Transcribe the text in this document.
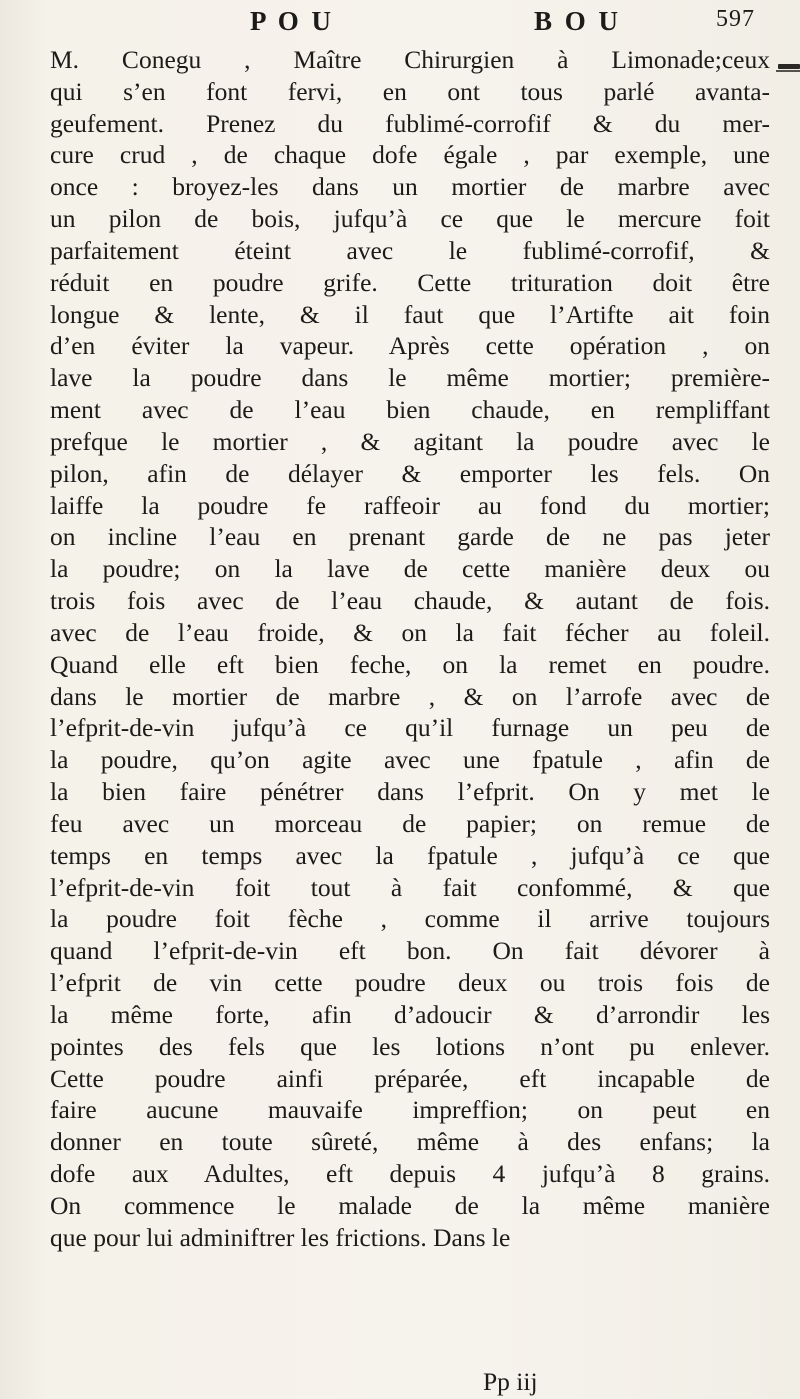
P O U	B O U	597
M. Conegu , Maître Chirurgien à Limonade;ceux
qui s’en font fervi, en ont tous parlé avanta-
geufement. Prenez du fublimé-corrofif & du mer-
cure crud , de chaque dofe égale , par exemple, une
once : broyez-les dans un mortier de marbre avec
un pilon de bois, jufqu’à ce que le mercure foit
parfaitement éteint avec le fublimé-corrofif, &
réduit en poudre grife. Cette trituration doit être
longue & lente, & il faut que l’Artifte ait foin
d’en éviter la vapeur. Après cette opération , on
lave la poudre dans le même mortier; première-
ment avec de l’eau bien chaude, en rempliffant
prefque le mortier , & agitant la poudre avec le
pilon, afin de délayer & emporter les fels. On
laiffe la poudre fe raffeoir au fond du mortier;
on incline l’eau en prenant garde de ne pas jeter
la poudre; on la lave de cette manière deux ou
trois fois avec de l’eau chaude, & autant de fois.
avec de l’eau froide, & on la fait fécher au foleil.
Quand elle eft bien feche, on la remet en poudre.
dans le mortier de marbre , & on l’arrofe avec de
l’efprit-de-vin jufqu’à ce qu’il furnage un peu de
la poudre, qu’on agite avec une fpatule , afin de
la bien faire pénétrer dans l’efprit. On y met le
feu avec un morceau de papier; on remue de
temps en temps avec la fpatule , jufqu’à ce que
l’efprit-de-vin foit tout à fait confommé, & que
la poudre foit fèche , comme il arrive toujours
quand l’efprit-de-vin eft bon. On fait dévorer à
l’efprit de vin cette poudre deux ou trois fois de
la même forte, afin d’adoucir & d’arrondir les
pointes des fels que les lotions n’ont pu enlever.
Cette poudre ainfi préparée, eft incapable de
faire aucune mauvaife impreffion; on peut en
donner en toute sûreté, même à des enfans; la
dofe aux Adultes, eft depuis 4 jufqu’à 8 grains.
On commence le malade de la même manière
que pour lui adminiftrer les frictions. Dans le
Pp iij
